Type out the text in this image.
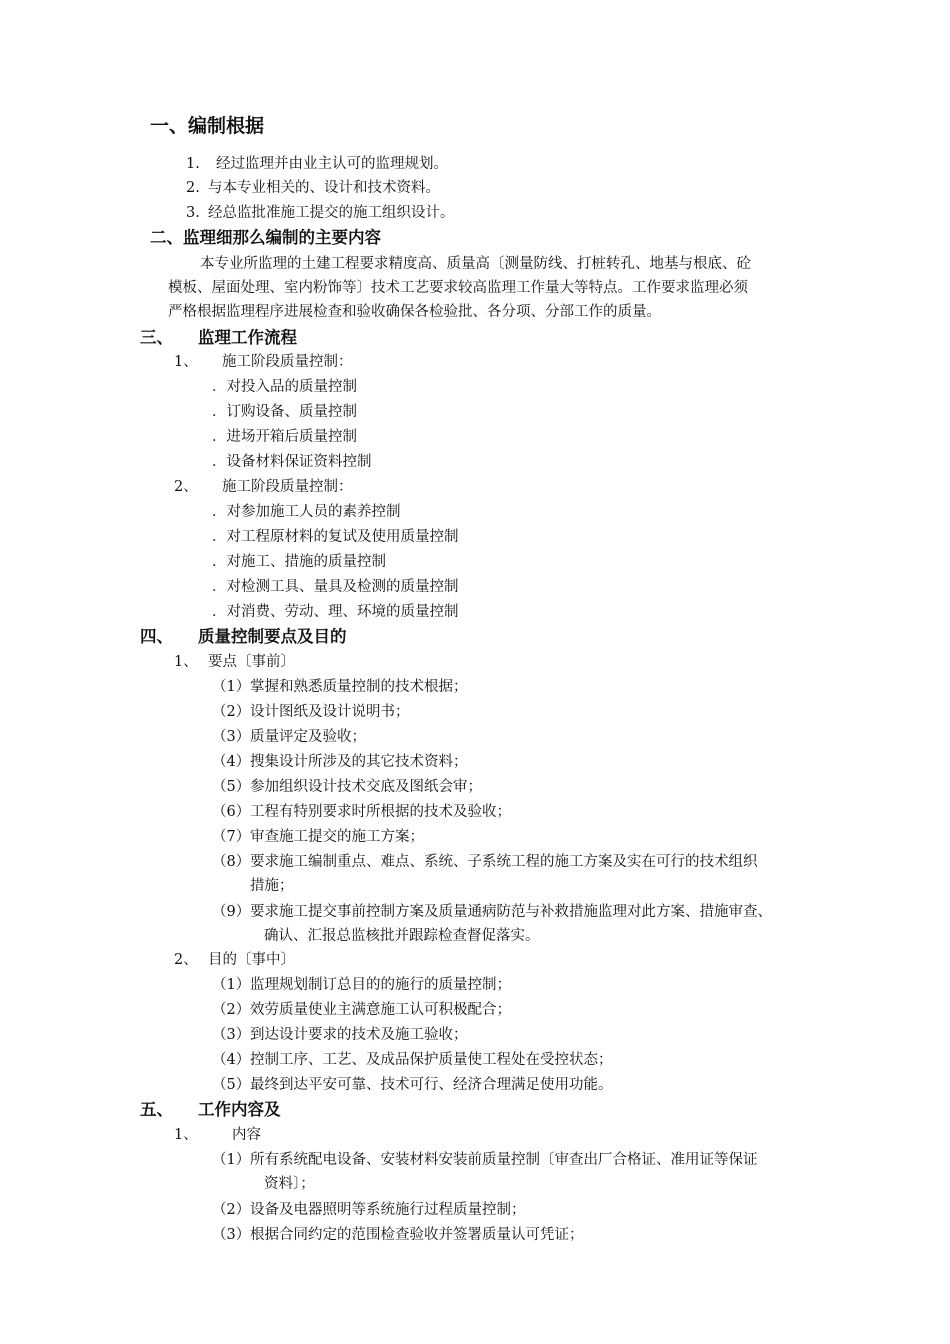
一、编制根据
1. 经过监理并由业主认可的监理规划。
2. 与本专业相关的、设计和技术资料。
3. 经总监批准施工提交的施工组织设计。
二、监理细那么编制的主要内容
本专业所监理的土建工程要求精度高、质量高〔测量防线、打桩转孔、地基与根底、砼
模板、屋面处理、室内粉饰等〕技术工艺要求较高监理工作量大等特点。工作要求监理必须
严格根据监理程序进展检查和验收确保各检验批、各分项、分部工作的质量。
三、 监理工作流程
1、 施工阶段质量控制：
．对投入品的质量控制
．订购设备、质量控制
．进场开箱后质量控制
．设备材料保证资料控制
2、 施工阶段质量控制：
．对参加施工人员的素养控制
．对工程原材料的复试及使用质量控制
．对施工、措施的质量控制
．对检测工具、量具及检测的质量控制
．对消费、劳动、理、环境的质量控制
四、 质量控制要点及目的
1、 要点〔事前〕
（1）掌握和熟悉质量控制的技术根据；
（2）设计图纸及设计说明书；
（3）质量评定及验收；
（4）搜集设计所涉及的其它技术资料；
（5）参加组织设计技术交底及图纸会审；
（6）工程有特别要求时所根据的技术及验收；
（7）审查施工提交的施工方案；
（8）要求施工编制重点、难点、系统、子系统工程的施工方案及实在可行的技术组织
措施；
（9）要求施工提交事前控制方案及质量通病防范与补救措施监理对此方案、措施审查、
确认、汇报总监核批并跟踪检查督促落实。
2、 目的〔事中〕
（1）监理规划制订总目的的施行的质量控制；
（2）效劳质量使业主满意施工认可积极配合；
（3）到达设计要求的技术及施工验收；
（4）控制工序、工艺、及成品保护质量使工程处在受控状态；
（5）最终到达平安可靠、技术可行、经济合理满足使用功能。
五、 工作内容及
1、 内容
（1）所有系统配电设备、安装材料安装前质量控制〔审查出厂合格证、准用证等保证
资料〕；
（2）设备及电器照明等系统施行过程质量控制；
（3）根据合同约定的范围检查验收并签署质量认可凭证；
